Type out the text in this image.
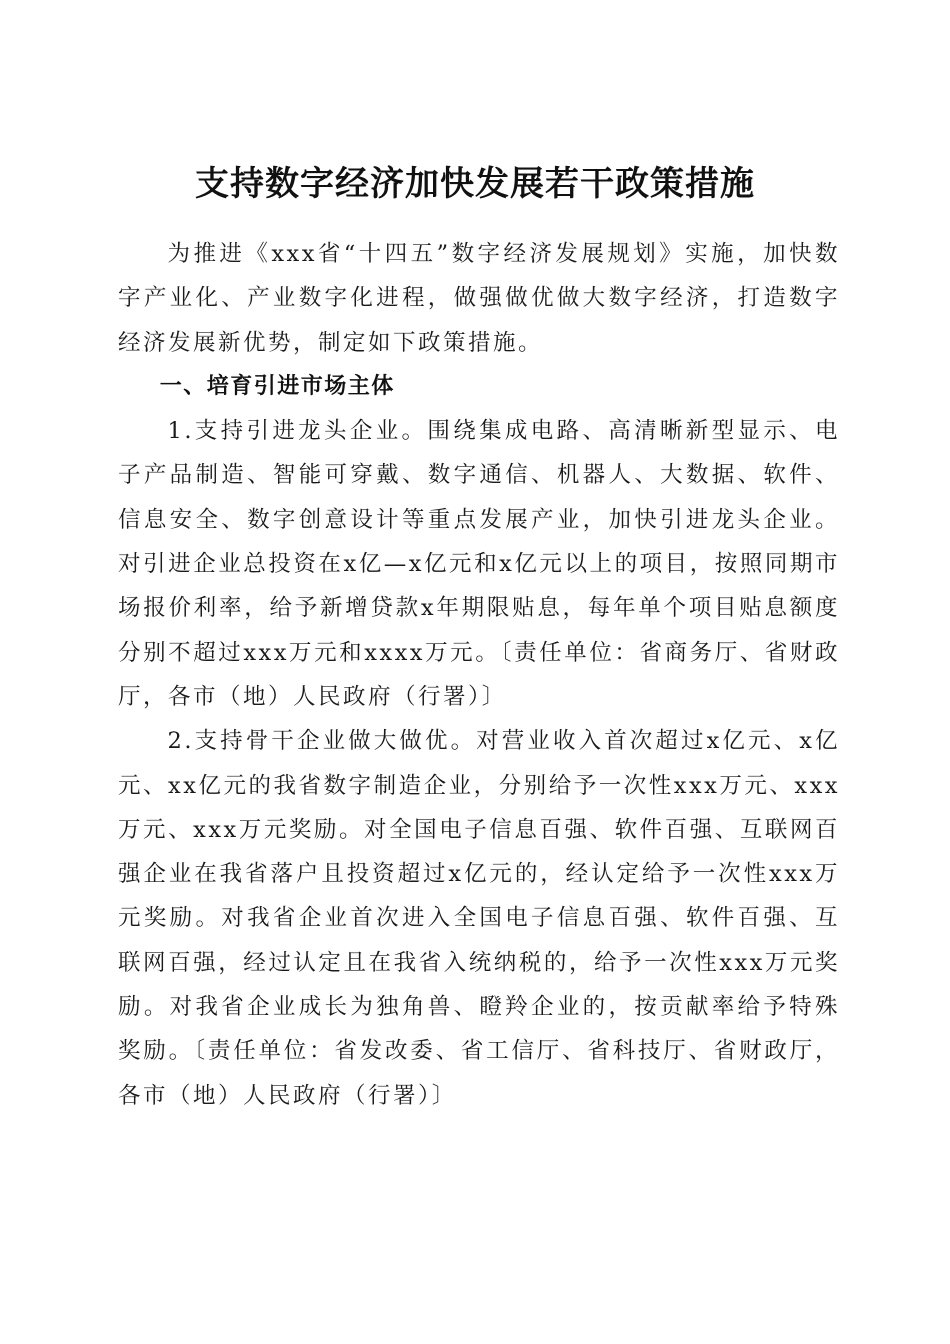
支持数字经济加快发展若干政策措施

为推进《xxx省“十四五”数字经济发展规划》实施，加快数字产业化、产业数字化进程，做强做优做大数字经济，打造数字经济发展新优势，制定如下政策措施。

一、培育引进市场主体

1.支持引进龙头企业。围绕集成电路、高清晰新型显示、电子产品制造、智能可穿戴、数字通信、机器人、大数据、软件、信息安全、数字创意设计等重点发展产业，加快引进龙头企业。对引进企业总投资在x亿—x亿元和x亿元以上的项目，按照同期市场报价利率，给予新增贷款x年期限贴息，每年单个项目贴息额度分别不超过xxx万元和xxxx万元。〔责任单位：省商务厅、省财政厅，各市（地）人民政府（行署）〕

2.支持骨干企业做大做优。对营业收入首次超过x亿元、x亿元、xx亿元的我省数字制造企业，分别给予一次性xxx万元、xxx万元、xxx万元奖励。对全国电子信息百强、软件百强、互联网百强企业在我省落户且投资超过x亿元的，经认定给予一次性xxx万元奖励。对我省企业首次进入全国电子信息百强、软件百强、互联网百强，经过认定且在我省入统纳税的，给予一次性xxx万元奖励。对我省企业成长为独角兽、瞪羚企业的，按贡献率给予特殊奖励。〔责任单位：省发改委、省工信厅、省科技厅、省财政厅，各市（地）人民政府（行署）〕
